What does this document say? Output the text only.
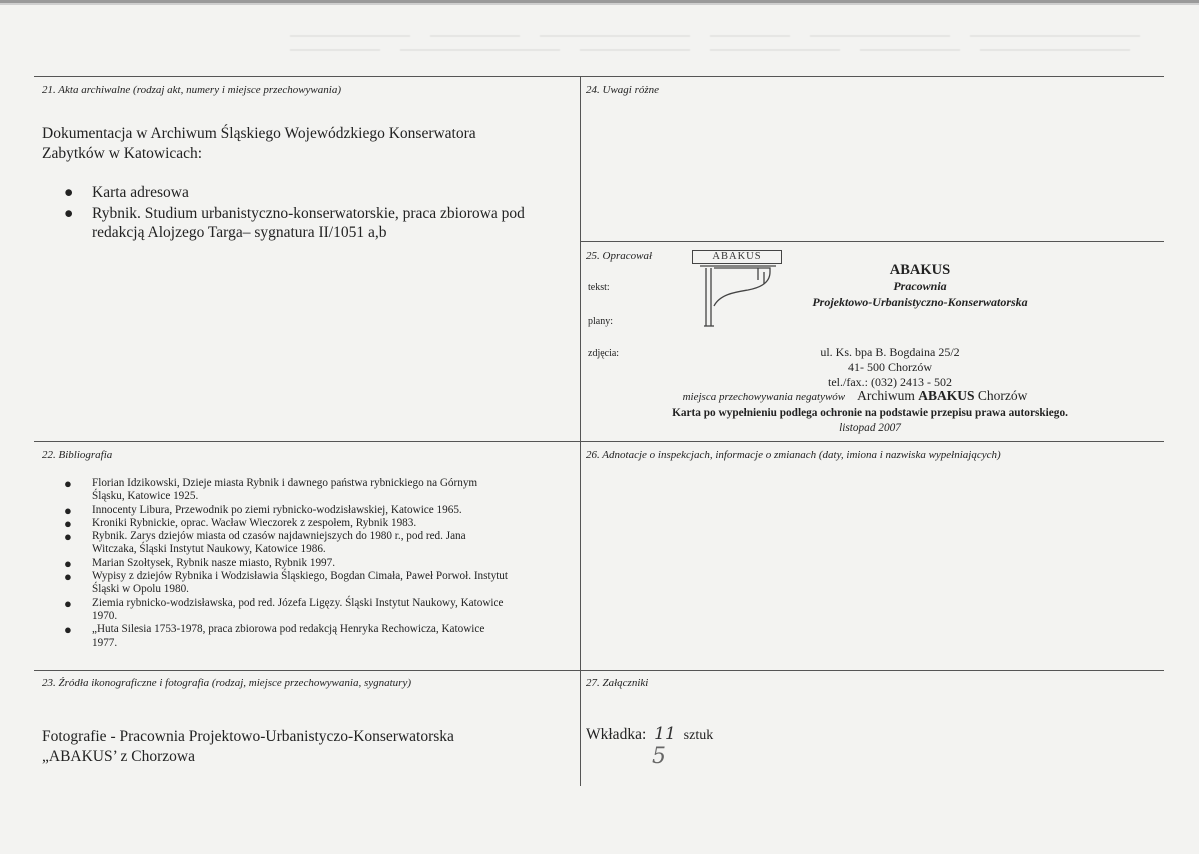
21. Akta archiwalne (rodzaj akt, numery i miejsce przechowywania)
Dokumentacja w Archiwum Śląskiego Wojewódzkiego Konserwatora
Zabytków w Katowicach:
● Karta adresowa
● Rybnik. Studium urbanistyczno-konserwatorskie, praca zbiorowa pod
redakcją Alojzego Targa– sygnatura II/1051 a,b
24. Uwagi różne
25. Opracował
tekst:
plany:
zdjęcia:
ABAKUS
ABAKUS
Pracownia
Projektowo-Urbanistyczno-Konserwatorska
ul. Ks. bpa B. Bogdaina 25/2
41- 500 Chorzów
tel./fax.: (032) 2413 - 502
miejsca przechowywania negatywów Archiwum ABAKUS Chorzów
Karta po wypełnieniu podlega ochronie na podstawie przepisu prawa autorskiego.
listopad 2007
22. Bibliografia
● Florian Idzikowski, Dzieje miasta Rybnik i dawnego państwa rybnickiego na Górnym
Śląsku, Katowice 1925.
● Innocenty Libura, Przewodnik po ziemi rybnicko-wodzisławskiej, Katowice 1965.
● Kroniki Rybnickie, oprac. Wacław Wieczorek z zespołem, Rybnik 1983.
● Rybnik. Zarys dziejów miasta od czasów najdawniejszych do 1980 r., pod red. Jana
Witczaka, Śląski Instytut Naukowy, Katowice 1986.
● Marian Szołtysek, Rybnik nasze miasto, Rybnik 1997.
● Wypisy z dziejów Rybnika i Wodzisławia Śląskiego, Bogdan Cimała, Paweł Porwoł. Instytut
Śląski w Opolu 1980.
● Ziemia rybnicko-wodzisławska, pod red. Józefa Ligęzy. Śląski Instytut Naukowy, Katowice
1970.
● „Huta Silesia 1753-1978, praca zbiorowa pod redakcją Henryka Rechowicza, Katowice
1977.
26. Adnotacje o inspekcjach, informacje o zmianach (daty, imiona i nazwiska wypełniających)
23. Źródła ikonograficzne i fotografia (rodzaj, miejsce przechowywania, sygnatury)
Fotografie - Pracownia Projektowo-Urbanistyczo-Konserwatorska
„ABAKUS’ z Chorzowa
27. Załączniki
Wkładka: 11 sztuk
5
